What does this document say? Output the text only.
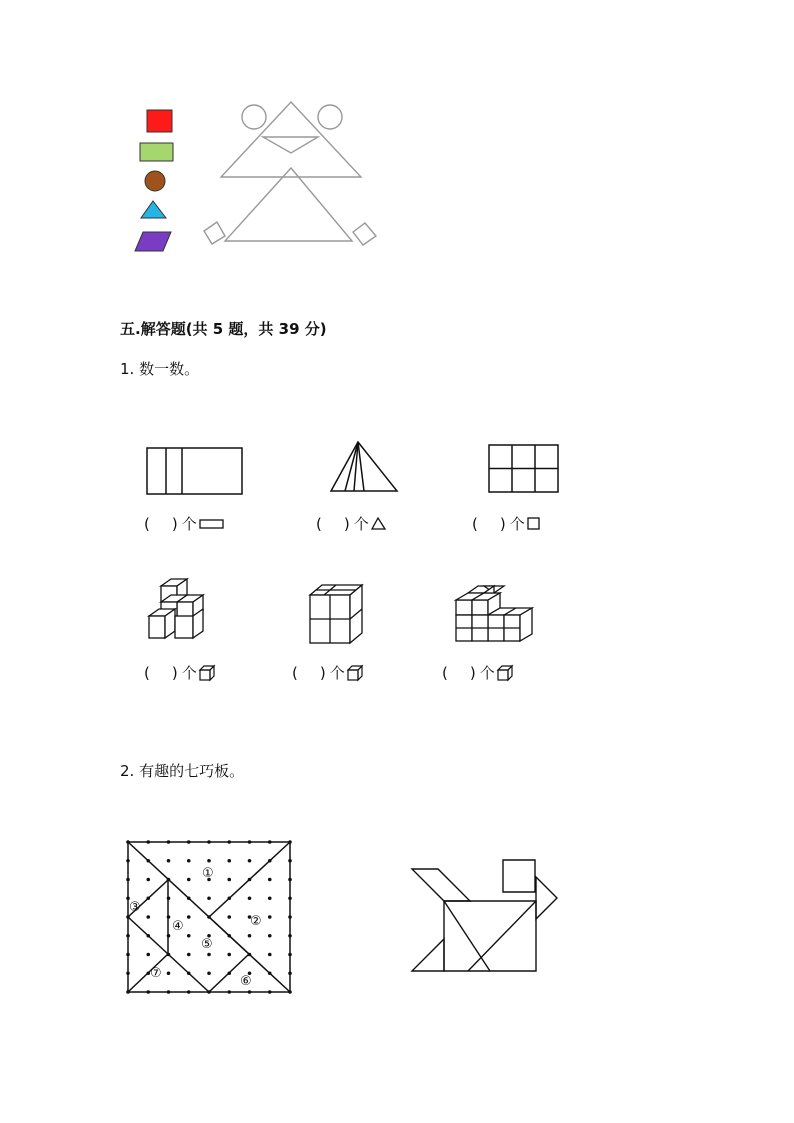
五.解答题(共 5 题，共 39 分)
1. 数一数。
( ) 个	( ) 个	( ) 个
( ) 个	( ) 个	( ) 个
2. 有趣的七巧板。
①
②
③
④
⑤
⑥
⑦
